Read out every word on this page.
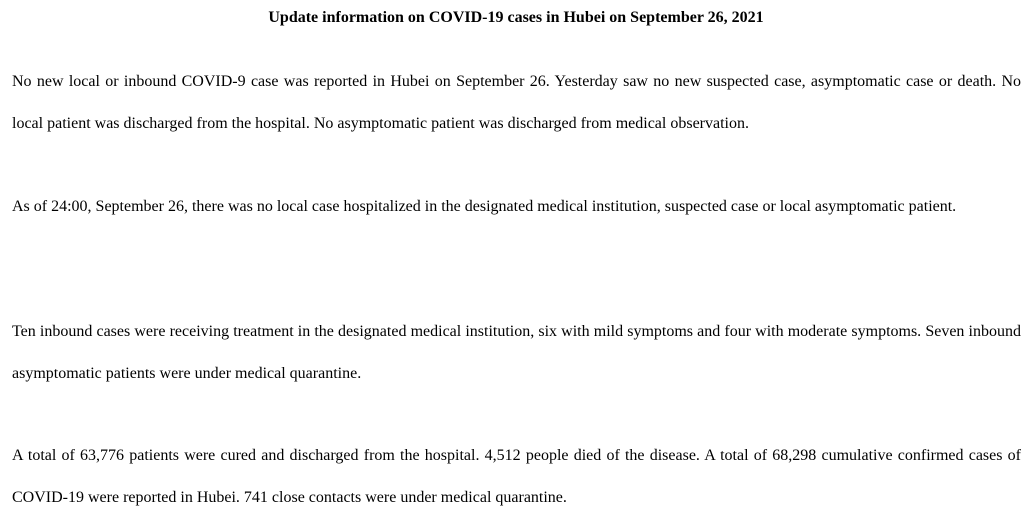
Update information on COVID-19 cases in Hubei on September 26, 2021

No new local or inbound COVID-9 case was reported in Hubei on September 26. Yesterday saw no new suspected case, asymptomatic case or death. No local patient was discharged from the hospital. No asymptomatic patient was discharged from medical observation.

As of 24:00, September 26, there was no local case hospitalized in the designated medical institution, suspected case or local asymptomatic patient.

Ten inbound cases were receiving treatment in the designated medical institution, six with mild symptoms and four with moderate symptoms. Seven inbound asymptomatic patients were under medical quarantine.

A total of 63,776 patients were cured and discharged from the hospital. 4,512 people died of the disease. A total of 68,298 cumulative confirmed cases of COVID-19 were reported in Hubei. 741 close contacts were under medical quarantine.
